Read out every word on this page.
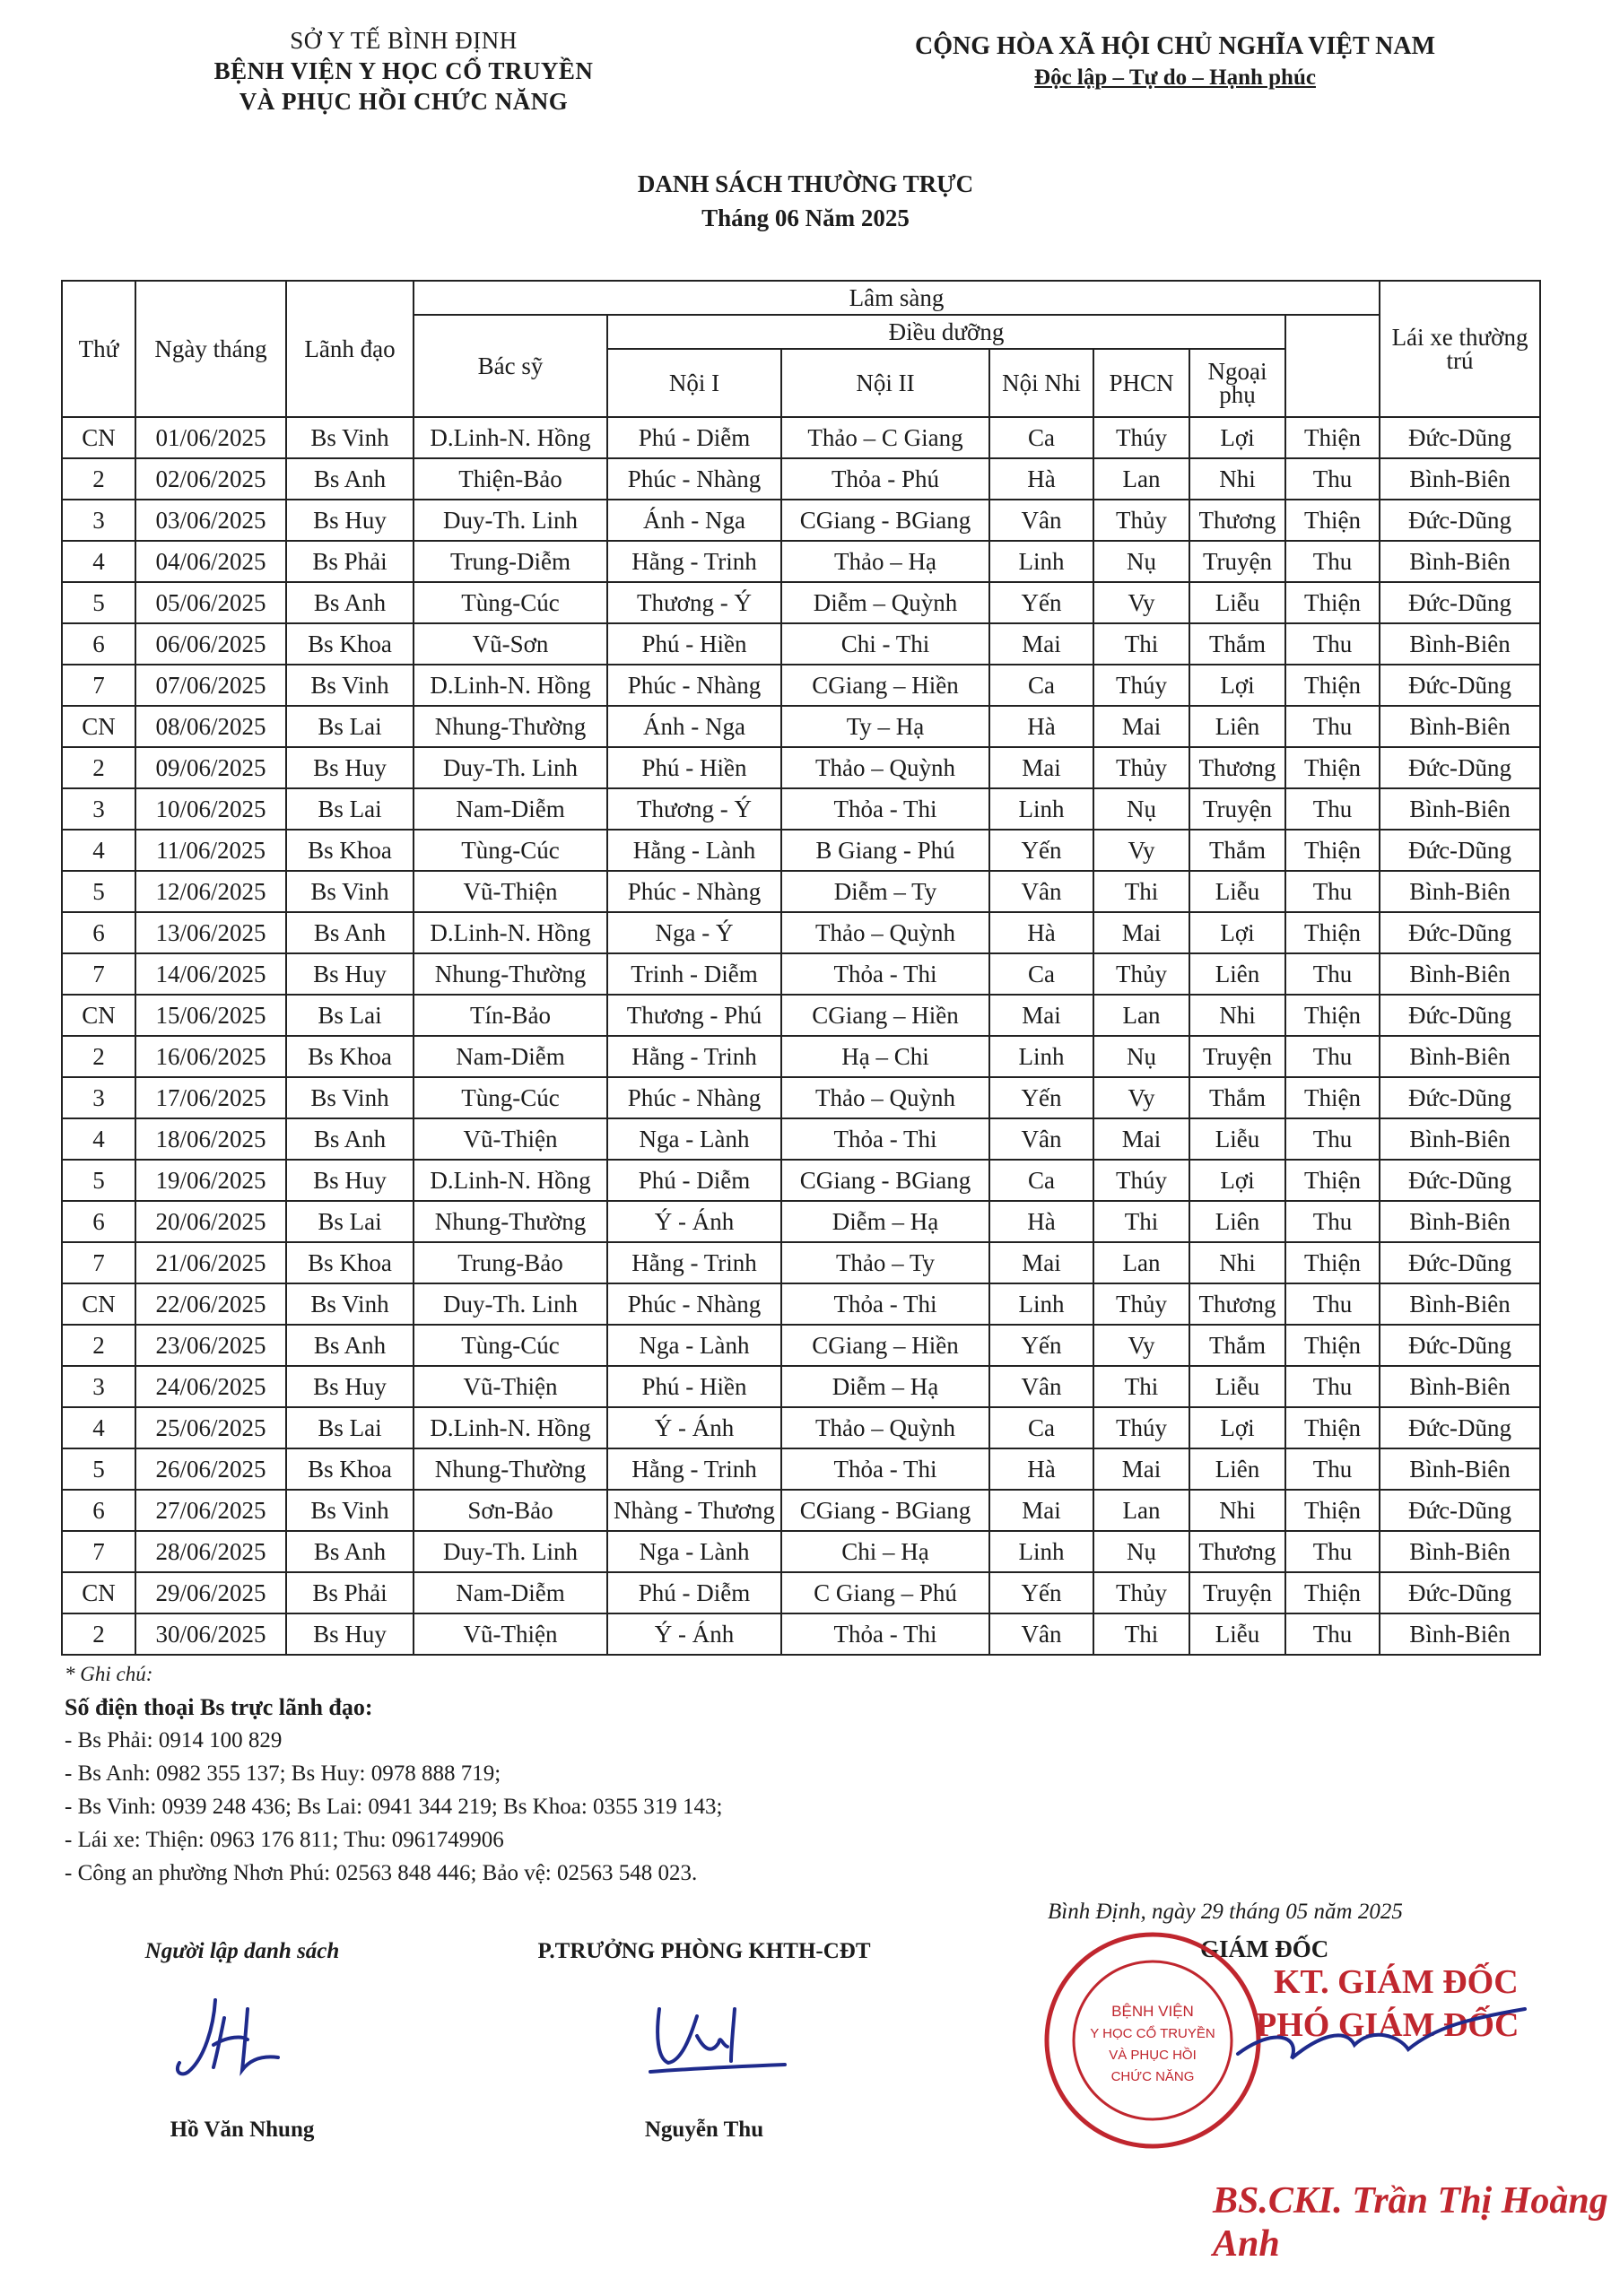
SỞ Y TẾ BÌNH ĐỊNH
BỆNH VIỆN Y HỌC CỔ TRUYỀN
VÀ PHỤC HỒI CHỨC NĂNG
CỘNG HÒA XÃ HỘI CHỦ NGHĨA VIỆT NAM
Độc lập – Tự do – Hạnh phúc
DANH SÁCH THƯỜNG TRỰC
Tháng 06 Năm 2025
Thứ	Ngày tháng	Lãnh đạo	Lâm sàng							Lái xe thường trú	
			Bác sỹ	Điều dưỡng							
				Nội I	Nội II	Nội Nhi	PHCN	Ngoại phụ			
CN	01/06/2025	Bs Vinh	D.Linh-N. Hồng	Phú - Diễm	Thảo – C Giang	Ca	Thúy	Lợi	Thiện	Đức-Dũng	
2	02/06/2025	Bs Anh	Thiện-Bảo	Phúc - Nhàng	Thỏa - Phú	Hà	Lan	Nhi	Thu	Bình-Biên	
3	03/06/2025	Bs Huy	Duy-Th. Linh	Ánh - Nga	CGiang - BGiang	Vân	Thủy	Thương	Thiện	Đức-Dũng	
4	04/06/2025	Bs Phải	Trung-Diễm	Hằng - Trinh	Thảo – Hạ	Linh	Nụ	Truyện	Thu	Bình-Biên	
5	05/06/2025	Bs Anh	Tùng-Cúc	Thương - Ý	Diễm – Quỳnh	Yến	Vy	Liễu	Thiện	Đức-Dũng	
6	06/06/2025	Bs Khoa	Vũ-Sơn	Phú - Hiền	Chi - Thi	Mai	Thi	Thắm	Thu	Bình-Biên	
7	07/06/2025	Bs Vinh	D.Linh-N. Hồng	Phúc - Nhàng	CGiang – Hiền	Ca	Thúy	Lợi	Thiện	Đức-Dũng	
CN	08/06/2025	Bs Lai	Nhung-Thường	Ánh - Nga	Ty – Hạ	Hà	Mai	Liên	Thu	Bình-Biên	
2	09/06/2025	Bs Huy	Duy-Th. Linh	Phú - Hiền	Thảo – Quỳnh	Mai	Thủy	Thương	Thiện	Đức-Dũng	
3	10/06/2025	Bs Lai	Nam-Diễm	Thương - Ý	Thỏa - Thi	Linh	Nụ	Truyện	Thu	Bình-Biên	
4	11/06/2025	Bs Khoa	Tùng-Cúc	Hằng - Lành	B Giang - Phú	Yến	Vy	Thắm	Thiện	Đức-Dũng	
5	12/06/2025	Bs Vinh	Vũ-Thiện	Phúc - Nhàng	Diễm – Ty	Vân	Thi	Liễu	Thu	Bình-Biên	
6	13/06/2025	Bs Anh	D.Linh-N. Hồng	Nga - Ý	Thảo – Quỳnh	Hà	Mai	Lợi	Thiện	Đức-Dũng	
7	14/06/2025	Bs Huy	Nhung-Thường	Trinh - Diễm	Thỏa - Thi	Ca	Thủy	Liên	Thu	Bình-Biên	
CN	15/06/2025	Bs Lai	Tín-Bảo	Thương - Phú	CGiang – Hiền	Mai	Lan	Nhi	Thiện	Đức-Dũng	
2	16/06/2025	Bs Khoa	Nam-Diễm	Hằng - Trinh	Hạ – Chi	Linh	Nụ	Truyện	Thu	Bình-Biên	
3	17/06/2025	Bs Vinh	Tùng-Cúc	Phúc - Nhàng	Thảo – Quỳnh	Yến	Vy	Thắm	Thiện	Đức-Dũng	
4	18/06/2025	Bs Anh	Vũ-Thiện	Nga - Lành	Thỏa - Thi	Vân	Mai	Liễu	Thu	Bình-Biên	
5	19/06/2025	Bs Huy	D.Linh-N. Hồng	Phú - Diễm	CGiang - BGiang	Ca	Thúy	Lợi	Thiện	Đức-Dũng	
6	20/06/2025	Bs Lai	Nhung-Thường	Ý - Ánh	Diễm – Hạ	Hà	Thi	Liên	Thu	Bình-Biên	
7	21/06/2025	Bs Khoa	Trung-Bảo	Hằng - Trinh	Thảo – Ty	Mai	Lan	Nhi	Thiện	Đức-Dũng	
CN	22/06/2025	Bs Vinh	Duy-Th. Linh	Phúc - Nhàng	Thỏa - Thi	Linh	Thủy	Thương	Thu	Bình-Biên	
2	23/06/2025	Bs Anh	Tùng-Cúc	Nga - Lành	CGiang – Hiền	Yến	Vy	Thắm	Thiện	Đức-Dũng	
3	24/06/2025	Bs Huy	Vũ-Thiện	Phú - Hiền	Diễm – Hạ	Vân	Thi	Liễu	Thu	Bình-Biên	
4	25/06/2025	Bs Lai	D.Linh-N. Hồng	Ý - Ánh	Thảo – Quỳnh	Ca	Thúy	Lợi	Thiện	Đức-Dũng	
5	26/06/2025	Bs Khoa	Nhung-Thường	Hằng - Trinh	Thỏa - Thi	Hà	Mai	Liên	Thu	Bình-Biên	
6	27/06/2025	Bs Vinh	Sơn-Bảo	Nhàng - Thương	CGiang - BGiang	Mai	Lan	Nhi	Thiện	Đức-Dũng	
7	28/06/2025	Bs Anh	Duy-Th. Linh	Nga - Lành	Chi – Hạ	Linh	Nụ	Thương	Thu	Bình-Biên	
CN	29/06/2025	Bs Phải	Nam-Diễm	Phú - Diễm	C Giang – Phú	Yến	Thủy	Truyện	Thiện	Đức-Dũng	
2	30/06/2025	Bs Huy	Vũ-Thiện	Ý - Ánh	Thỏa - Thi	Vân	Thi	Liễu	Thu	Bình-Biên	
* Ghi chú:
Số điện thoại Bs trực lãnh đạo:
- Bs Phải: 0914 100 829
- Bs Anh: 0982 355 137; Bs Huy: 0978 888 719;
- Bs Vinh: 0939 248 436; Bs Lai: 0941 344 219; Bs Khoa: 0355 319 143;
- Lái xe: Thiện: 0963 176 811; Thu: 0961749906
- Công an phường Nhơn Phú: 02563 848 446; Bảo vệ: 02563 548 023.
Người lập danh sách
Hồ Văn Nhung
P.TRƯỞNG PHÒNG KHTH-CĐT
Nguyễn Thu
Bình Định, ngày 29 tháng 05 năm 2025
GIÁM ĐỐC
BỆNH VIỆN
Y HỌC CỔ TRUYỀN
VÀ PHỤC HỒI
CHỨC NĂNG
KT. GIÁM ĐỐC
PHÓ GIÁM ĐỐC
BS.CKI. Trần Thị Hoàng Anh
